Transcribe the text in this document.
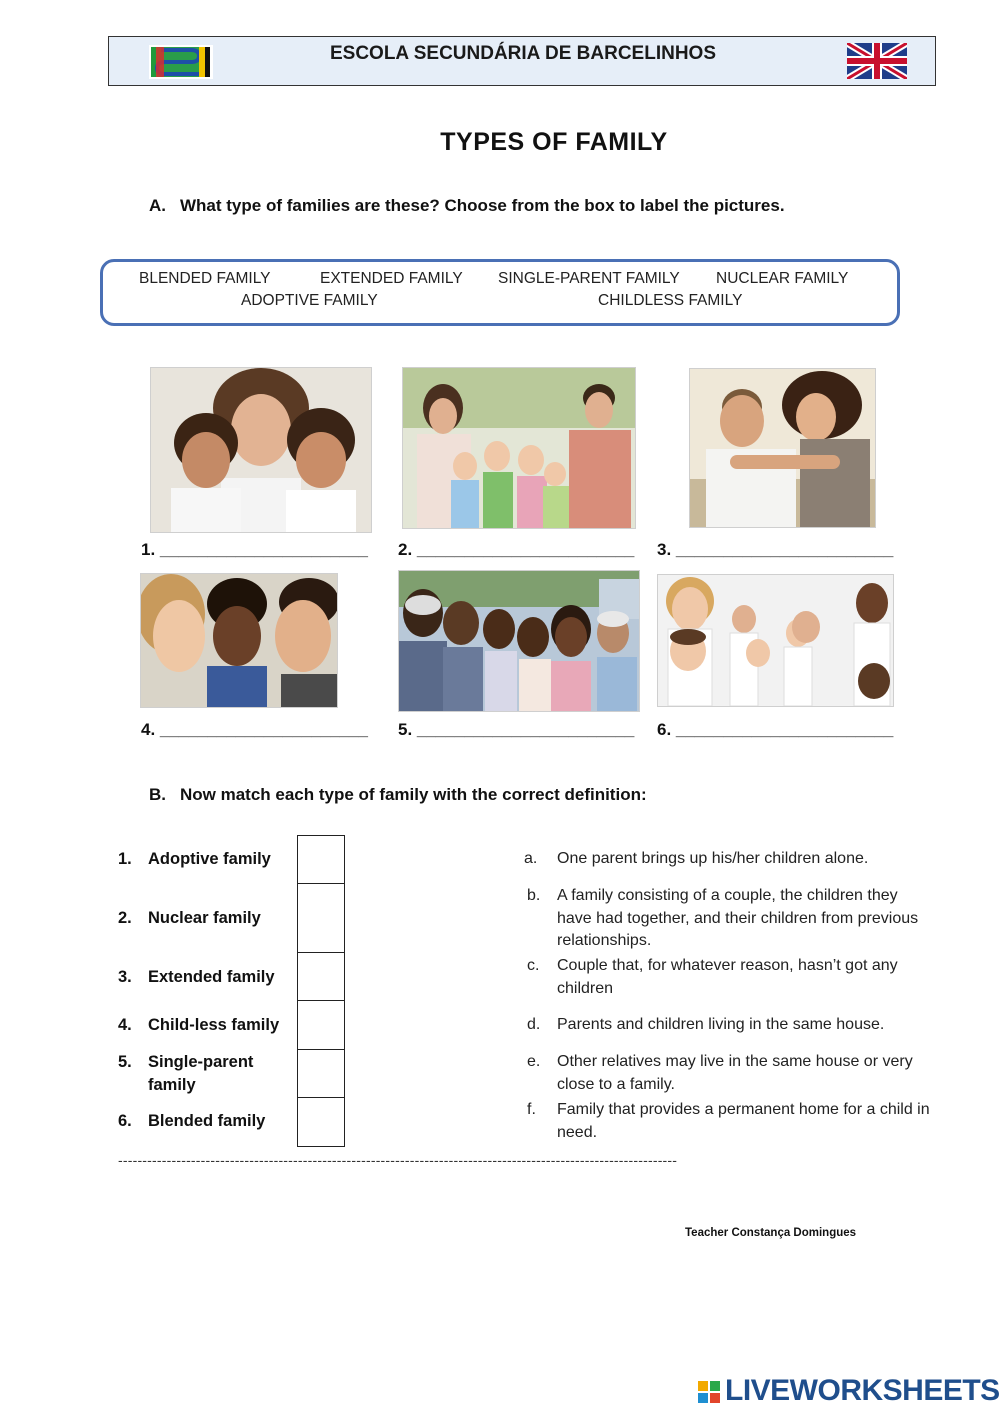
ESCOLA SECUNDÁRIA DE BARCELINHOS
TYPES OF FAMILY
A. What type of families are these? Choose from the box to label the pictures.
BLENDED FAMILY	EXTENDED FAMILY SINGLE-PARENT FAMILY NUCLEAR FAMILY
ADOPTIVE FAMILY	CHILDLESS FAMILY
1. ______________________ 2. _______________________ 3. _______________________
4. ______________________ 5. _______________________ 6. _______________________
B. Now match each type of family with the correct definition:
1. Adoptive family
2. Nuclear family
3. Extended family
4. Child-less family
5. Single-parent
family
6. Blended family
a. One parent brings up his/her children alone.
b. A family consisting of a couple, the children they have had together, and their children from previous relationships.
c. Couple that, for whatever reason, hasn’t got any children
d. Parents and children living in the same house.
e. Other relatives may live in the same house or very close to a family.
f. Family that provides a permanent home for a child in need.
-------------------------------------------------------------------------------------------------------------------
Teacher Constança Domingues
LIVEWORKSHEETS
